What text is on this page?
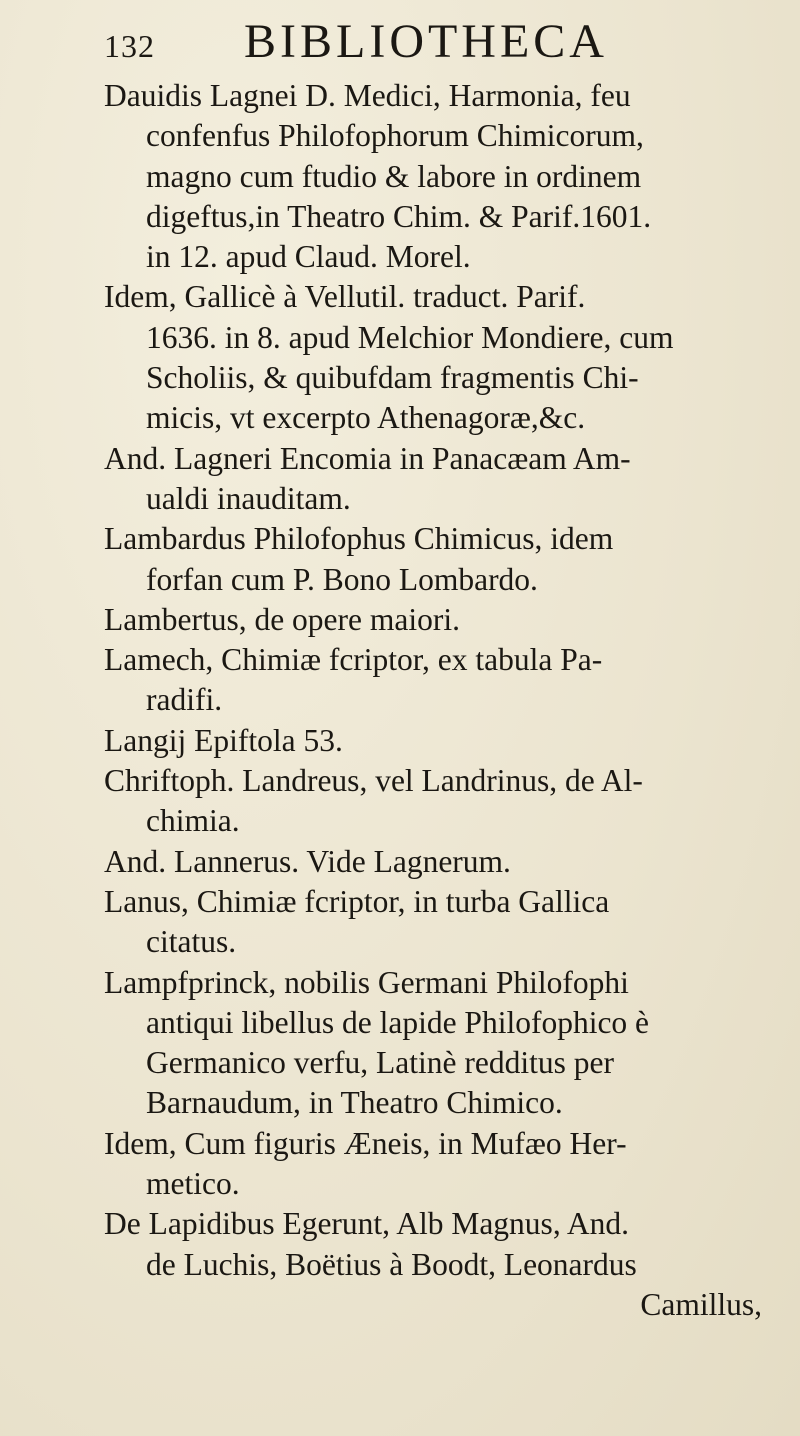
132	BIBLIOTHECA
Dauidis Lagnei D. Medici, Harmonia, feu
confenfus Philofophorum Chimicorum,
magno cum ftudio & labore in ordinem
digeftus,in Theatro Chim. & Parif.1601.
in 12. apud Claud. Morel.
Idem, Gallicè à Vellutil. traduct. Parif.
1636. in 8. apud Melchior Mondiere, cum
Scholiis, & quibufdam fragmentis Chi-
micis, vt excerpto Athenagoræ,&c.
And. Lagneri Encomia in Panacæam Am-
ualdi inauditam.
Lambardus Philofophus Chimicus, idem
forfan cum P. Bono Lombardo.
Lambertus, de opere maiori.
Lamech, Chimiæ fcriptor, ex tabula Pa-
radifi.
Langij Epiftola 53.
Chriftoph. Landreus, vel Landrinus, de Al-
chimia.
And. Lannerus. Vide Lagnerum.
Lanus, Chimiæ fcriptor, in turba Gallica
citatus.
Lampfprinck, nobilis Germani Philofophi
antiqui libellus de lapide Philofophico è
Germanico verfu, Latinè redditus per
Barnaudum, in Theatro Chimico.
Idem, Cum figuris Æneis, in Mufæo Her-
metico.
De Lapidibus Egerunt, Alb Magnus, And.
de Luchis, Boëtius à Boodt, Leonardus
Camillus,
